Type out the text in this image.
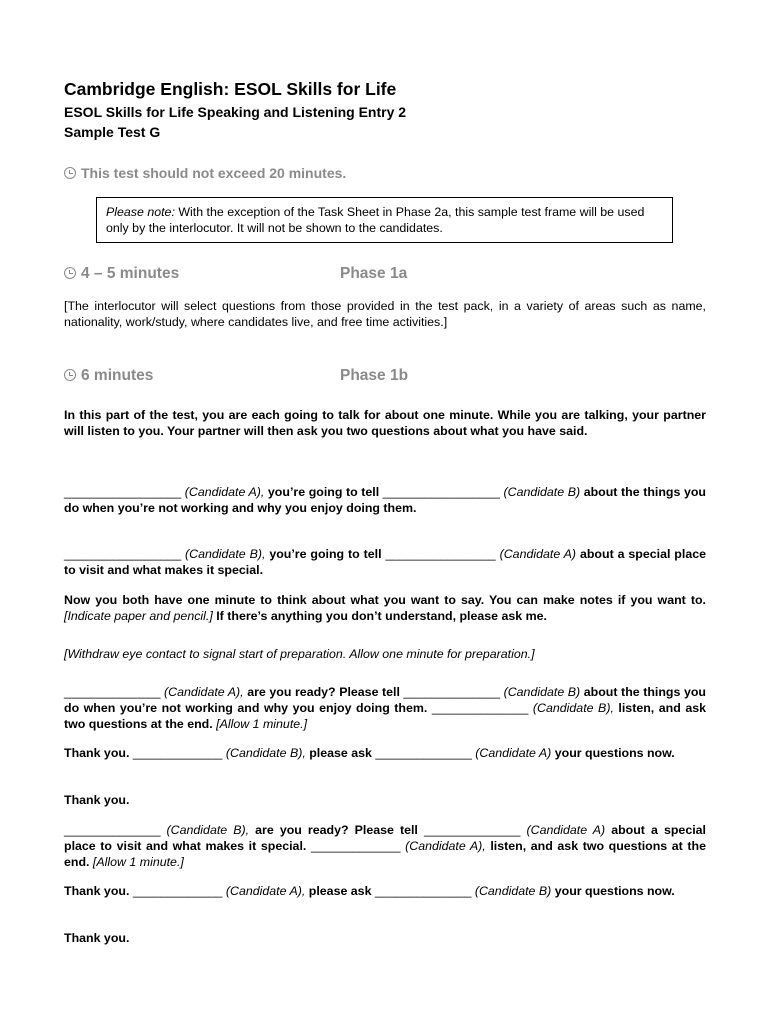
Cambridge English: ESOL Skills for Life
ESOL Skills for Life Speaking and Listening Entry 2
Sample Test G
This test should not exceed 20 minutes.
Please note: With the exception of the Task Sheet in Phase 2a, this sample test frame will be used only by the interlocutor. It will not be shown to the candidates.
4 – 5 minutes	Phase 1a
[The interlocutor will select questions from those provided in the test pack, in a variety of areas such as name, nationality, work/study, where candidates live, and free time activities.]
6 minutes	Phase 1b
In this part of the test, you are each going to talk for about one minute. While you are talking, your partner will listen to you. Your partner will then ask you two questions about what you have said.
_________________ (Candidate A), you’re going to tell _________________ (Candidate B) about the things you do when you’re not working and why you enjoy doing them.
_________________ (Candidate B), you’re going to tell ________________ (Candidate A) about a special place to visit and what makes it special.
Now you both have one minute to think about what you want to say. You can make notes if you want to. [Indicate paper and pencil.] If there’s anything you don’t understand, please ask me.
[Withdraw eye contact to signal start of preparation. Allow one minute for preparation.]
______________ (Candidate A), are you ready? Please tell ______________ (Candidate B) about the things you do when you’re not working and why you enjoy doing them. ______________ (Candidate B), listen, and ask two questions at the end. [Allow 1 minute.]
Thank you. _____________ (Candidate B), please ask ______________ (Candidate A) your questions now.
Thank you.
______________ (Candidate B), are you ready? Please tell ______________ (Candidate A) about a special place to visit and what makes it special. _____________ (Candidate A), listen, and ask two questions at the end. [Allow 1 minute.]
Thank you. _____________ (Candidate A), please ask ______________ (Candidate B) your questions now.
Thank you.
